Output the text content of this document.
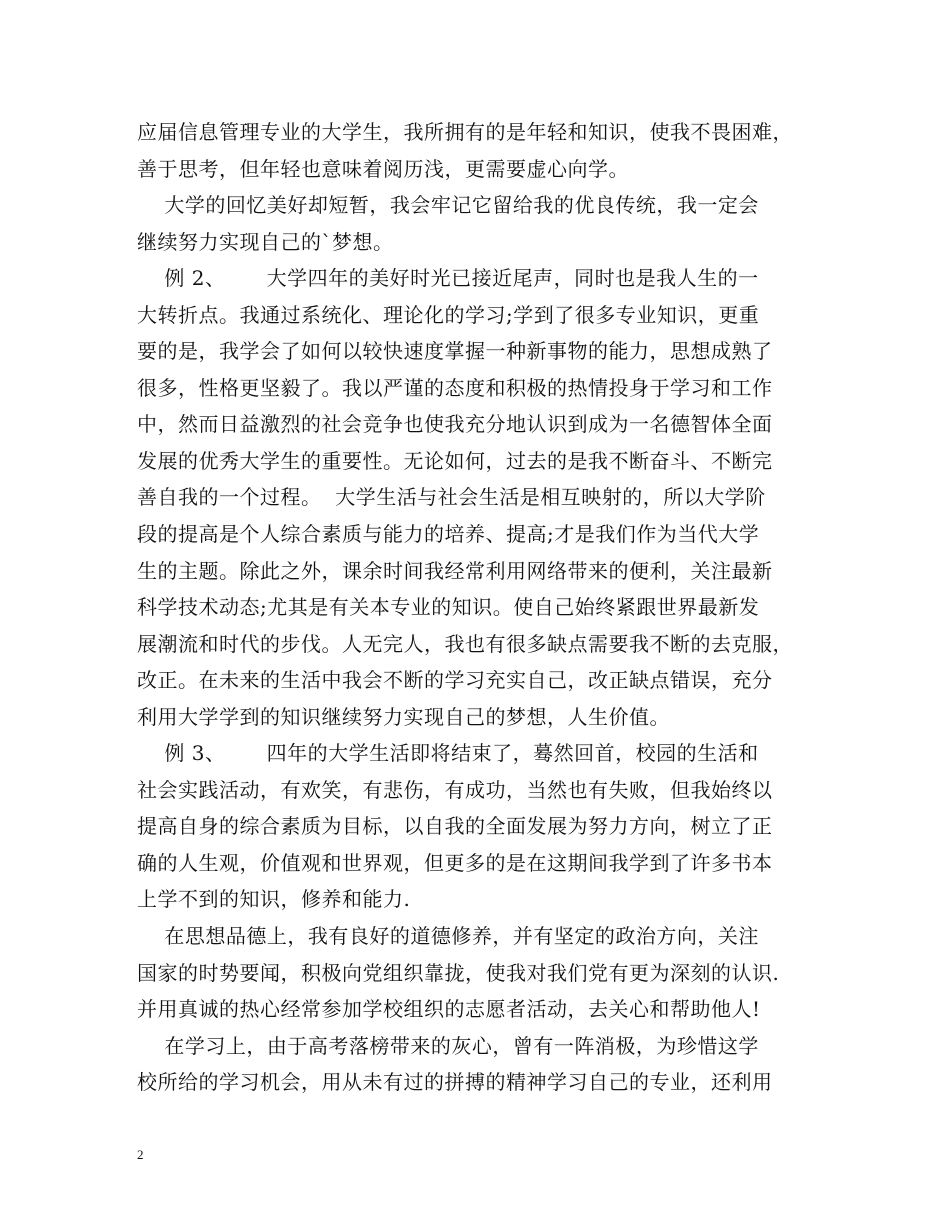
应届信息管理专业的大学生，我所拥有的是年轻和知识，使我不畏困难，
善于思考，但年轻也意味着阅历浅，更需要虚心向学。
大学的回忆美好却短暂，我会牢记它留给我的优良传统，我一定会
继续努力实现自己的`梦想。
例 2、      大学四年的美好时光已接近尾声，同时也是我人生的一
大转折点。我通过系统化、理论化的学习;学到了很多专业知识，更重
要的是，我学会了如何以较快速度掌握一种新事物的能力，思想成熟了
很多，性格更坚毅了。我以严谨的态度和积极的热情投身于学习和工作
中，然而日益激烈的社会竞争也使我充分地认识到成为一名德智体全面
发展的优秀大学生的重要性。无论如何，过去的是我不断奋斗、不断完
善自我的一个过程。  大学生活与社会生活是相互映射的，所以大学阶
段的提高是个人综合素质与能力的培养、提高;才是我们作为当代大学
生的主题。除此之外，课余时间我经常利用网络带来的便利，关注最新
科学技术动态;尤其是有关本专业的知识。使自己始终紧跟世界最新发
展潮流和时代的步伐。人无完人，我也有很多缺点需要我不断的去克服，
改正。在未来的生活中我会不断的学习充实自己，改正缺点错误，充分
利用大学学到的知识继续努力实现自己的梦想，人生价值。
例 3、      四年的大学生活即将结束了，蓦然回首，校园的生活和
社会实践活动，有欢笑，有悲伤，有成功，当然也有失败，但我始终以
提高自身的综合素质为目标，以自我的全面发展为努力方向，树立了正
确的人生观，价值观和世界观，但更多的是在这期间我学到了许多书本
上学不到的知识，修养和能力.
在思想品德上，我有良好的道德修养，并有坚定的政治方向，关注
国家的时势要闻，积极向党组织靠拢，使我对我们党有更为深刻的认识.
并用真诚的热心经常参加学校组织的志愿者活动，去关心和帮助他人!
在学习上，由于高考落榜带来的灰心，曾有一阵消极，为珍惜这学
校所给的学习机会，用从未有过的拼搏的精神学习自己的专业，还利用
2
